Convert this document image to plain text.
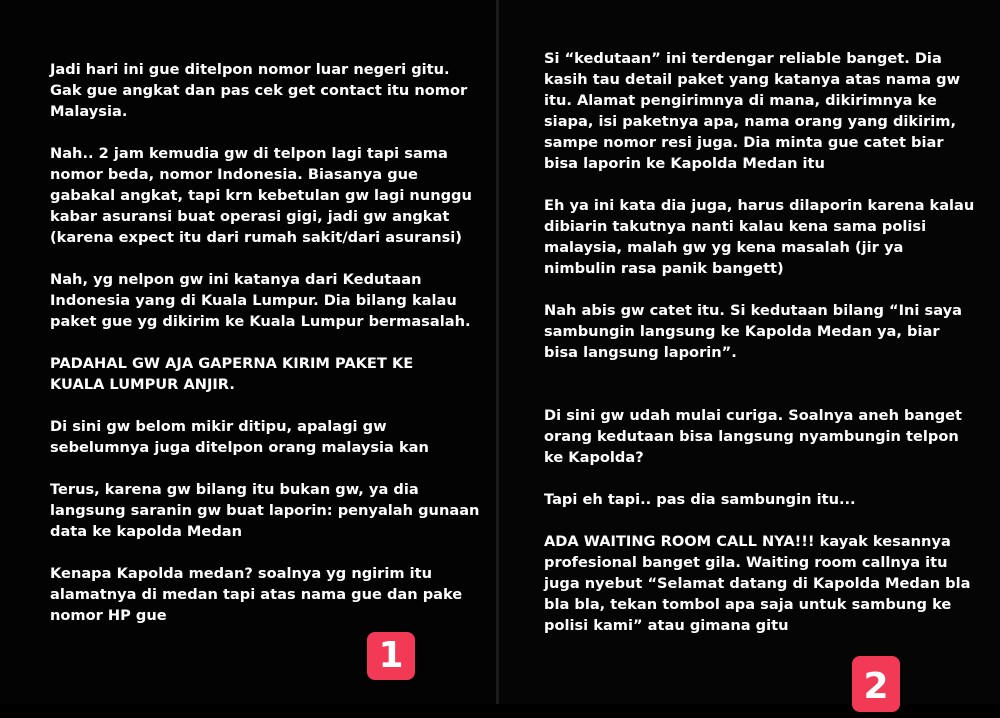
Jadi hari ini gue ditelpon nomor luar negeri gitu.
Gak gue angkat dan pas cek get contact itu nomor
Malaysia.

Nah.. 2 jam kemudia gw di telpon lagi tapi sama
nomor beda, nomor Indonesia. Biasanya gue
gabakal angkat, tapi krn kebetulan gw lagi nunggu
kabar asuransi buat operasi gigi, jadi gw angkat
(karena expect itu dari rumah sakit/dari asuransi)

Nah, yg nelpon gw ini katanya dari Kedutaan
Indonesia yang di Kuala Lumpur. Dia bilang kalau
paket gue yg dikirim ke Kuala Lumpur bermasalah.

PADAHAL GW AJA GAPERNA KIRIM PAKET KE
KUALA LUMPUR ANJIR.

Di sini gw belom mikir ditipu, apalagi gw
sebelumnya juga ditelpon orang malaysia kan

Terus, karena gw bilang itu bukan gw, ya dia
langsung saranin gw buat laporin: penyalah gunaan
data ke kapolda Medan

Kenapa Kapolda medan? soalnya yg ngirim itu
alamatnya di medan tapi atas nama gue dan pake
nomor HP gue

1

Si “kedutaan” ini terdengar reliable banget. Dia
kasih tau detail paket yang katanya atas nama gw
itu. Alamat pengirimnya di mana, dikirimnya ke
siapa, isi paketnya apa, nama orang yang dikirim,
sampe nomor resi juga. Dia minta gue catet biar
bisa laporin ke Kapolda Medan itu

Eh ya ini kata dia juga, harus dilaporin karena kalau
dibiarin takutnya nanti kalau kena sama polisi
malaysia, malah gw yg kena masalah (jir ya
nimbulin rasa panik bangett)

Nah abis gw catet itu. Si kedutaan bilang “Ini saya
sambungin langsung ke Kapolda Medan ya, biar
bisa langsung laporin”.

Di sini gw udah mulai curiga. Soalnya aneh banget
orang kedutaan bisa langsung nyambungin telpon
ke Kapolda?

Tapi eh tapi.. pas dia sambungin itu...

ADA WAITING ROOM CALL NYA!!! kayak kesannya
profesional banget gila. Waiting room callnya itu
juga nyebut “Selamat datang di Kapolda Medan bla
bla bla, tekan tombol apa saja untuk sambung ke
polisi kami” atau gimana gitu

2
